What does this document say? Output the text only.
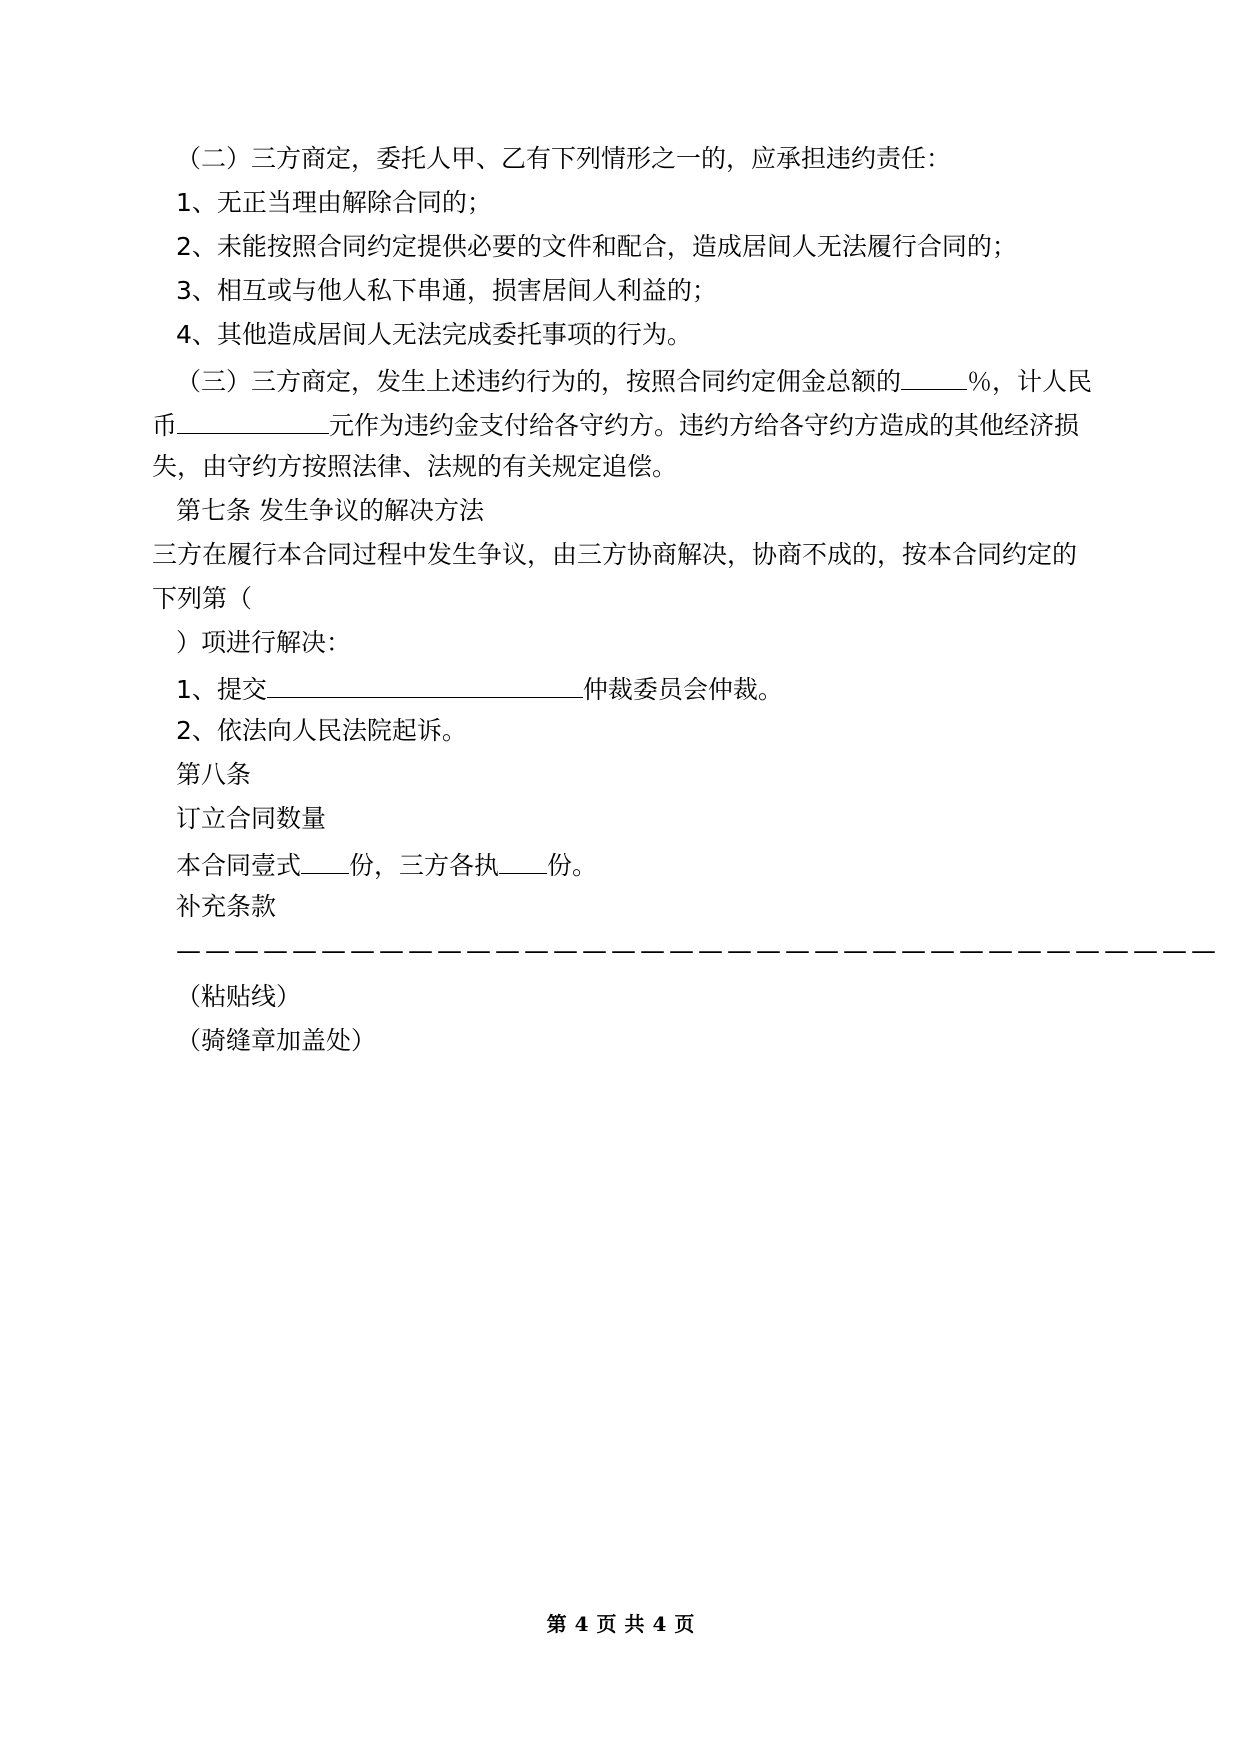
（二）三方商定，委托人甲、乙有下列情形之一的，应承担违约责任：
1、无正当理由解除合同的；
2、未能按照合同约定提供必要的文件和配合，造成居间人无法履行合同的；
3、相互或与他人私下串通，损害居间人利益的；
4、其他造成居间人无法完成委托事项的行为。
（三）三方商定，发生上述违约行为的，按照合同约定佣金总额的	％，计人民
币	元作为违约金支付给各守约方。违约方给各守约方造成的其他经济损
失，由守约方按照法律、法规的有关规定追偿。
第七条 发生争议的解决方法
三方在履行本合同过程中发生争议，由三方协商解决，协商不成的，按本合同约定的
下列第（
）项进行解决：
1、提交	仲裁委员会仲裁。
2、依法向人民法院起诉。
第八条
订立合同数量
本合同壹式 份，三方各执 份。
补充条款
————————————————————————————————————
（粘贴线）
（骑缝章加盖处）
第 4 页 共 4 页
